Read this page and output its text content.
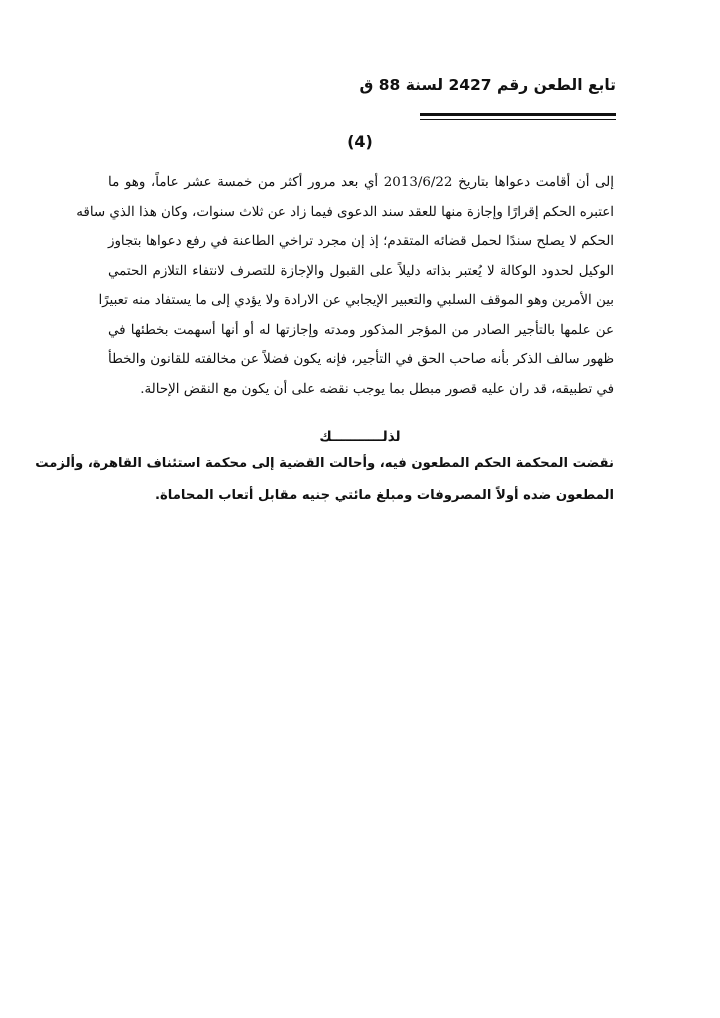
تابع الطعن رقم 2427 لسنة 88 ق
(4)
إلى أن أقامت دعواها بتاريخ 2013/6/22 أي بعد مرور أكثر من خمسة عشر عاماً، وهو ما
اعتبره الحكم إقرارًا وإجازة منها للعقد سند الدعوى فيما زاد عن ثلاث سنوات، وكان هذا الذي ساقه
الحكم لا يصلح سندًا لحمل قضائه المتقدم؛ إذ إن مجرد تراخي الطاعنة في رفع دعواها بتجاوز
الوكيل لحدود الوكالة لا يُعتبر بذاته دليلاً على القبول والإجازة للتصرف لانتفاء التلازم الحتمي
بين الأمرين وهو الموقف السلبي والتعبير الإيجابي عن الارادة ولا يؤدي إلى ما يستفاد منه تعبيرًا
عن علمها بالتأجير الصادر من المؤجر المذكور ومدته وإجازتها له أو أنها أسهمت بخطئها في
ظهور سالف الذكر بأنه صاحب الحق في التأجير، فإنه يكون فضلاً عن مخالفته للقانون والخطأ
في تطبيقه، قد ران عليه قصور مبطل بما يوجب نقضه على أن يكون مع النقض الإحالة.
لذلـــــــــــك
نقضت المحكمة الحكم المطعون فيه، وأحالت القضية إلى محكمة استئناف القاهرة، وألزمت
المطعون ضده أولاً المصروفات ومبلغ مائتي جنيه مقابل أتعاب المحاماة.
